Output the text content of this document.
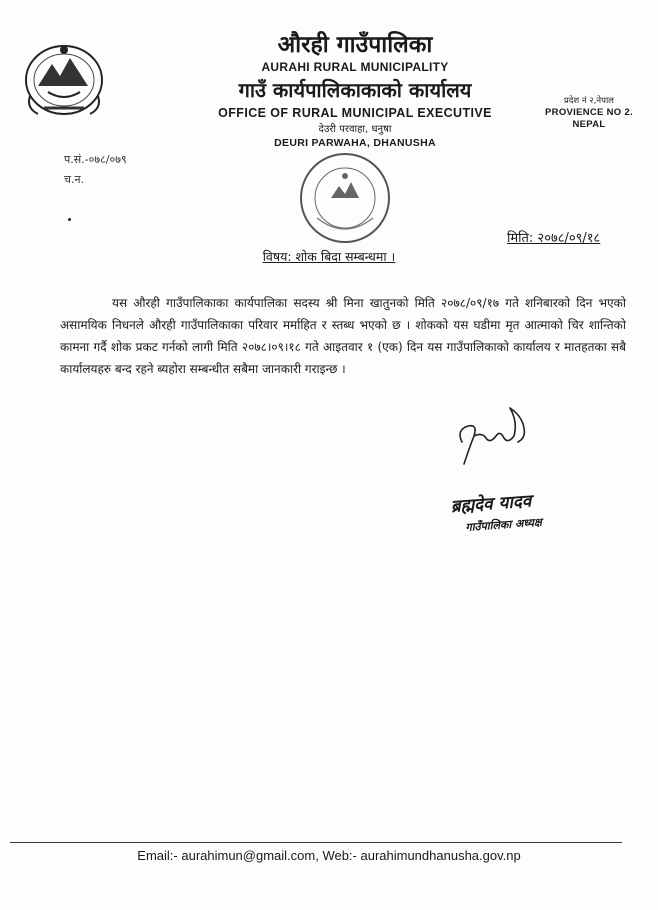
औरही गाउँपालिका
AURAHI RURAL MUNICIPALITY
गाउँ कार्यपालिकाकाको कार्यालय
OFFICE OF RURAL MUNICIPAL EXECUTIVE
देउरी परवाहा, धनुषा
DEURI PARWAHA, DHANUSHA
प्रदेश नं २,नेपाल
PROVIENCE NO 2.
NEPAL
प.सं.-०७८/०७९
च.न.
मिति: २०७८/०९/१८
विषय: शोक बिदा सम्बन्धमा ।
यस औरही गाउँपालिकाका कार्यपालिका सदस्य श्री मिना खातुनको मिति २०७८/०९/१७ गते शनिबारको दिन भएको असामयिक निधनले औरही गाउँपालिकाका परिवार मर्माहित र स्तब्ध भएको छ । शोकको यस घडीमा मृत आत्माको चिर शान्तिको कामना गर्दै शोक प्रकट गर्नको लागी मिति २०७८।०९।१८ गते आइतवार १ (एक) दिन यस गाउँपालिकाको कार्यालय र मातहतका सबै कार्यालयहरु बन्द रहने ब्यहोरा सम्बन्धीत सबैमा जानकारी गराइन्छ ।
ब्रह्मदेव यादव
गाउँपालिका अध्यक्ष
Email:- aurahimun@gmail.com, Web:- aurahimundhanusha.gov.np
